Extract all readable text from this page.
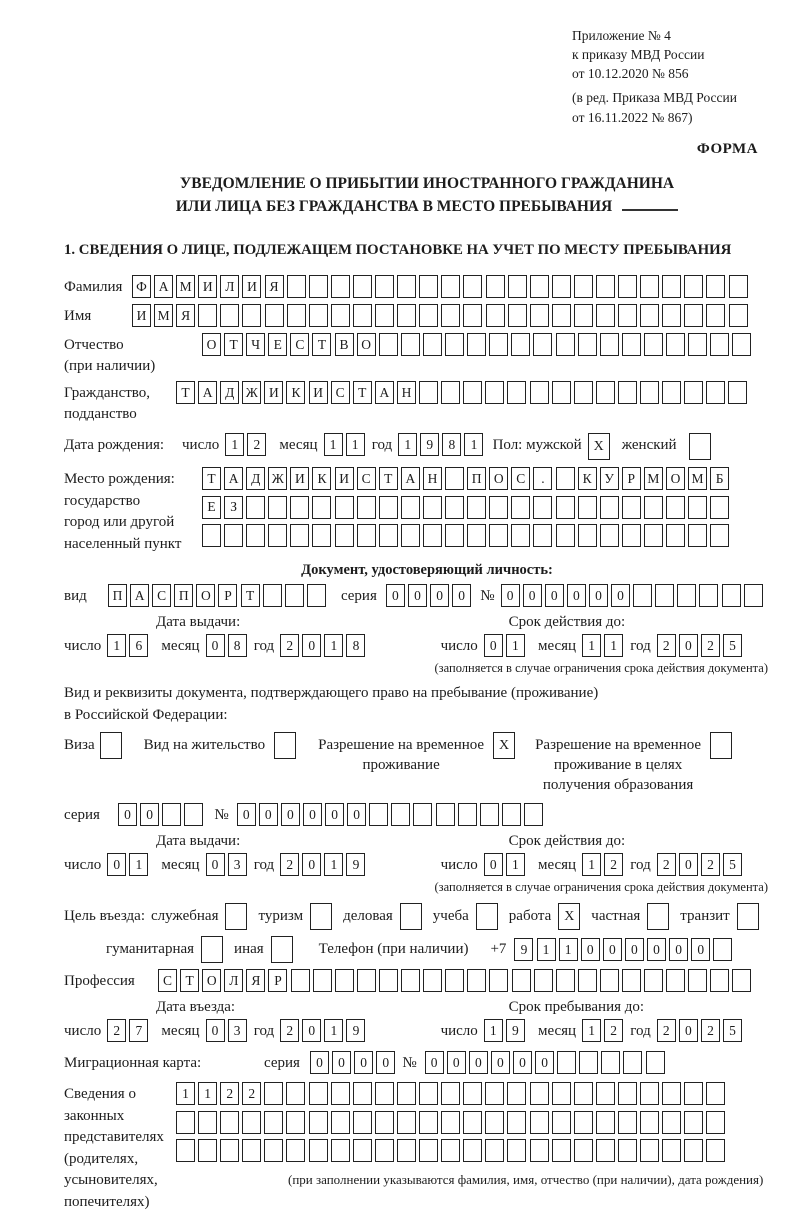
Приложение № 4
к приказу МВД России
от 10.12.2020 № 856
(в ред. Приказа МВД России
от 16.11.2022 № 867)
ФОРМА
УВЕДОМЛЕНИЕ О ПРИБЫТИИ ИНОСТРАННОГО ГРАЖДАНИНА
ИЛИ ЛИЦА БЕЗ ГРАЖДАНСТВА В МЕСТО ПРЕБЫВАНИЯ
1. СВЕДЕНИЯ О ЛИЦЕ, ПОДЛЕЖАЩЕМ ПОСТАНОВКЕ НА УЧЕТ ПО МЕСТУ ПРЕБЫВАНИЯ
Фамилия	Ф А М И Л И Я
Имя	И М Я
Отчество
(при наличии)
О Т	Ч	Е С Т В О
Гражданство,
подданство
Т А Д Ж И К И С Т А Н
Дата рождения:	число 1	2	месяц 1	1 год 1	9	8	1	Пол: мужской X	женский
Место рождения:
государство
город или другой
населенный пункт
Т А Д Ж И К И С Т А Н	П О С	.	К У	Р М О М Б
Е	З
Документ, удостоверяющий личность:
вид	П А С П О Р	Т	серия	0	0	0	0	№ 0	0	0	0	0	0
Дата выдачи:
число 1	6	месяц 0	8 год 2	0	1	8
Срок действия до:
число 0	1	месяц 1	1 год 2	0	2	5
(заполняется в случае ограничения срока действия документа)
Вид и реквизиты документа, подтверждающего право на пребывание (проживание)
в Российской Федерации:
Виза	Вид на жительство	Разрешение на временное
проживание
X	Разрешение на временное
проживание в целях
получения образования
серия	0	0	№	0	0	0	0	0	0
Дата выдачи:
число 0	1	месяц 0	3 год 2	0	1	9
Срок действия до:
число 0	1	месяц 1	2 год 2	0	2	5
(заполняется в случае ограничения срока действия документа)
Цель въезда: служебная	туризм	деловая	учеба	работа X	частная	транзит
гуманитарная	иная	Телефон (при наличии) +7	9	1	1	0	0	0	0	0	0
Профессия	С Т О Л Я	Р
Дата въезда:
число 2	7	месяц 0	3 год 2	0	1	9
Срок пребывания до:
число 1	9	месяц 1	2 год 2	0	2	5
Миграционная карта:	серия	0	0	0	0 №	0	0	0	0	0	0
Сведения о
законных
представителях
(родителях,
усыновителях,
попечителях)
1	1	2	2
(при заполнении указываются фамилия, имя, отчество (при наличии), дата рождения)
